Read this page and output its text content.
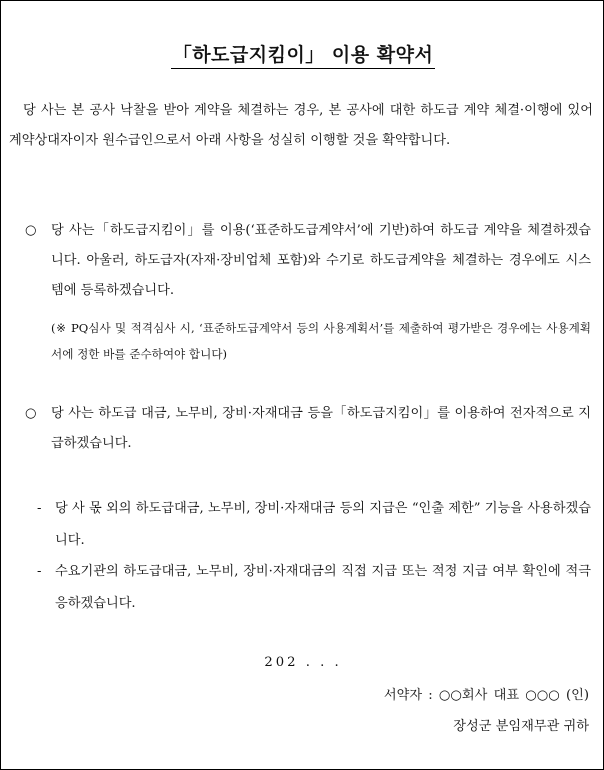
「하도급지킴이」 이용 확약서
당 사는 본 공사 낙찰을 받아 계약을 체결하는 경우, 본 공사에 대한 하도급 계약 체결·이행에 있어 계약상대자이자 원수급인으로서 아래 사항을 성실히 이행할 것을 확약합니다.
○	당 사는「하도급지킴이」를 이용(‘표준하도급계약서’에 기반)하여 하도급 계약을 체결하겠습니다. 아울러, 하도급자(자재·장비업체 포함)와 수기로 하도급계약을 체결하는 경우에도 시스템에 등록하겠습니다.
(※ PQ심사 및 적격심사 시, ‘표준하도급계약서 등의 사용계획서’를 제출하여 평가받은 경우에는 사용계획서에 정한 바를 준수하여야 합니다)
○	당 사는 하도급 대금, 노무비, 장비·자재대금 등을「하도급지킴이」를 이용하여 전자적으로 지급하겠습니다.
-	당 사 몫 외의 하도급대금, 노무비, 장비·자재대금 등의 지급은 “인출 제한” 기능을 사용하겠습니다.
-	수요기관의 하도급대금, 노무비, 장비·자재대금의 직접 지급 또는 적정 지급 여부 확인에 적극 응하겠습니다.
202 . . .
서약자 : ○○회사 대표 ○○○ (인)
장성군 분임재무관 귀하
